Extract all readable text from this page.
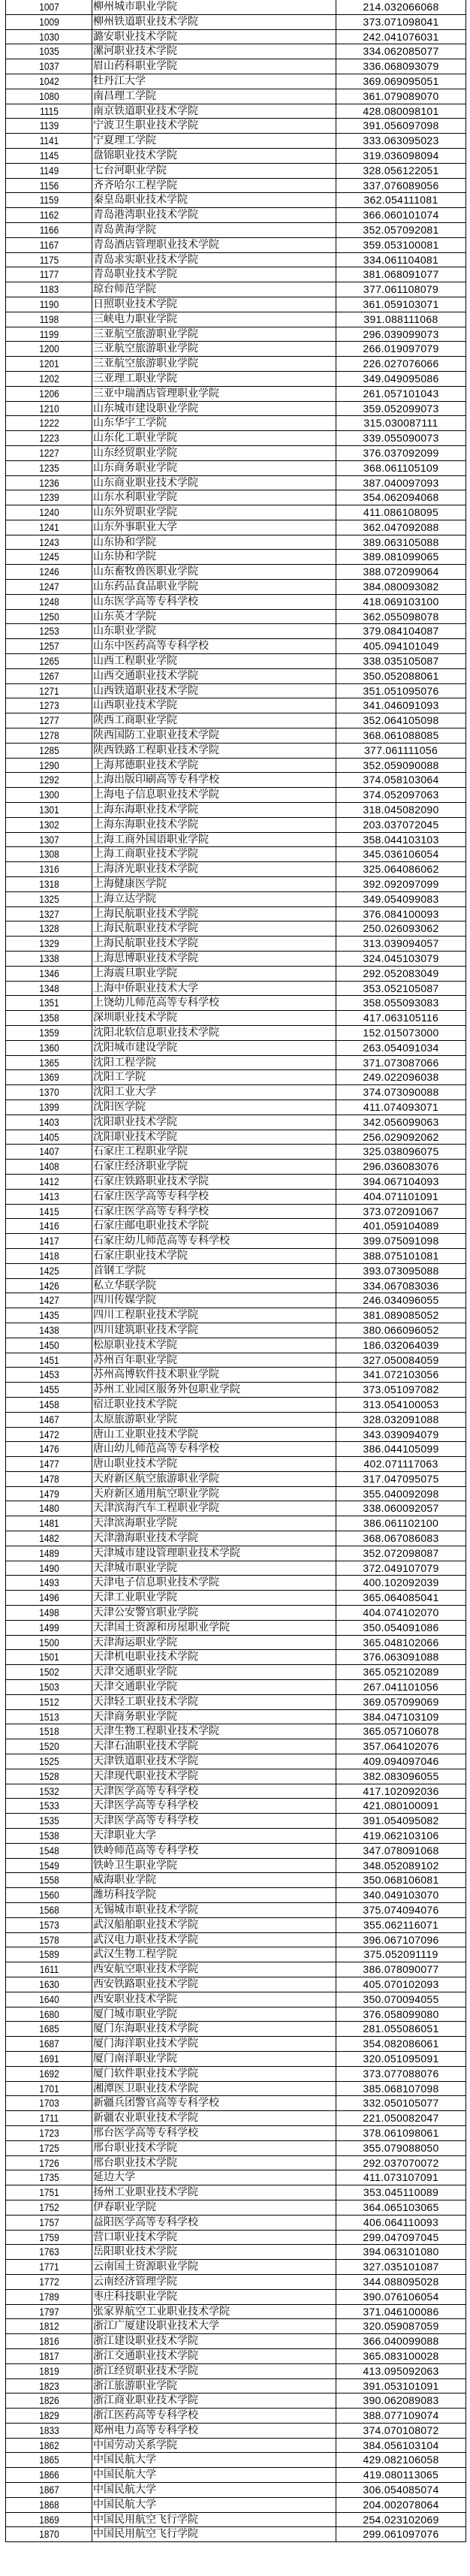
1007	柳州城市职业学院	214.032066068
1009	柳州铁道职业技术学院	373.071098041
1030	潞安职业技术学院	242.041076031
1035	漯河职业技术学院	334.062085077
1037	眉山药科职业学院	336.068093079
1042	牡丹江大学	369.069095051
1080	南昌理工学院	361.079089070
1115	南京铁道职业技术学院	428.080098101
1139	宁波卫生职业技术学院	391.056097098
1141	宁夏理工学院	333.063095023
1145	盘锦职业技术学院	319.036098094
1149	七台河职业学院	328.056122051
1156	齐齐哈尔工程学院	337.076089056
1159	秦皇岛职业技术学院	362.054111081
1162	青岛港湾职业技术学院	366.060101074
1166	青岛黄海学院	352.057092081
1167	青岛酒店管理职业技术学院	359.053100081
1175	青岛求实职业技术学院	334.061104081
1177	青岛职业技术学院	381.068091077
1183	琼台师范学院	377.061108079
1190	日照职业技术学院	361.059103071
1198	三峡电力职业学院	391.088111068
1199	三亚航空旅游职业学院	296.039099073
1200	三亚航空旅游职业学院	266.019097079
1201	三亚航空旅游职业学院	226.027076066
1202	三亚理工职业学院	349.049095086
1206	三亚中瑞酒店管理职业学院	261.057101043
1210	山东城市建设职业学院	359.052099073
1222	山东华宇工学院	315.030087111
1223	山东化工职业学院	339.055090073
1227	山东经贸职业学院	376.037092099
1235	山东商务职业学院	368.061105109
1236	山东商业职业技术学院	387.040097093
1239	山东水利职业学院	354.062094068
1240	山东外贸职业学院	411.086108095
1241	山东外事职业大学	362.047092088
1243	山东协和学院	389.063105088
1245	山东协和学院	389.081099065
1246	山东畜牧兽医职业学院	388.072099064
1247	山东药品食品职业学院	384.080093082
1248	山东医学高等专科学校	418.069103100
1250	山东英才学院	362.055098078
1253	山东职业学院	379.084104087
1257	山东中医药高等专科学校	405.094101049
1265	山西工程职业学院	338.035105087
1267	山西交通职业技术学院	350.052088061
1271	山西铁道职业技术学院	351.051095076
1273	山西职业技术学院	341.046091093
1277	陕西工商职业学院	352.064105098
1278	陕西国防工业职业技术学院	368.061088085
1285	陕西铁路工程职业技术学院	377.061111056
1290	上海邦德职业技术学院	352.059090088
1292	上海出版印刷高等专科学校	374.058103064
1300	上海电子信息职业技术学院	374.052097063
1301	上海东海职业技术学院	318.045082090
1302	上海东海职业技术学院	203.037072045
1307	上海工商外国语职业学院	358.044103103
1308	上海工商职业技术学院	345.036106054
1316	上海济光职业技术学院	325.064086062
1318	上海健康医学院	392.092097099
1325	上海立达学院	349.054099083
1327	上海民航职业技术学院	376.084100093
1328	上海民航职业技术学院	250.026093062
1329	上海民航职业技术学院	313.039094057
1338	上海思博职业技术学院	324.045103079
1346	上海震旦职业学院	292.052083049
1348	上海中侨职业技术大学	353.052105087
1351	上饶幼儿师范高等专科学校	358.055093083
1358	深圳职业技术学院	417.063105116
1359	沈阳北软信息职业技术学院	152.015073000
1360	沈阳城市建设学院	263.054091034
1365	沈阳工程学院	371.073087066
1369	沈阳工学院	249.022096038
1370	沈阳工业大学	374.073090088
1399	沈阳医学院	411.074093071
1403	沈阳职业技术学院	342.056099063
1405	沈阳职业技术学院	256.029092062
1407	石家庄工程职业学院	325.038096075
1408	石家庄经济职业学院	296.036083076
1412	石家庄铁路职业技术学院	394.067104093
1413	石家庄医学高等专科学校	404.071101091
1415	石家庄医学高等专科学校	373.072091067
1416	石家庄邮电职业技术学院	401.059104089
1417	石家庄幼儿师范高等专科学校	399.075091098
1418	石家庄职业技术学院	388.075101081
1425	首钢工学院	393.073095088
1426	私立华联学院	334.067083036
1427	四川传媒学院	246.034096055
1435	四川工程职业技术学院	381.089085052
1438	四川建筑职业技术学院	380.066096052
1450	松原职业技术学院	186.032064039
1451	苏州百年职业学院	327.050084059
1453	苏州高博软件技术职业学院	341.072103056
1455	苏州工业园区服务外包职业学院	373.051097082
1458	宿迁职业技术学院	313.054100053
1467	太原旅游职业学院	328.032091088
1472	唐山工业职业技术学院	343.039094079
1476	唐山幼儿师范高等专科学校	386.044105099
1477	唐山职业技术学院	402.071117063
1478	天府新区航空旅游职业学院	317.047095075
1479	天府新区通用航空职业学院	355.040092098
1480	天津滨海汽车工程职业学院	338.060092057
1481	天津滨海职业学院	386.061102100
1482	天津渤海职业技术学院	368.067086083
1489	天津城市建设管理职业技术学院	352.072098087
1490	天津城市职业学院	372.049107079
1493	天津电子信息职业技术学院	400.102092039
1496	天津工业职业学院	365.064085041
1498	天津公安警官职业学院	404.074102070
1499	天津国土资源和房屋职业学院	350.054091086
1500	天津海运职业学院	365.048102066
1501	天津机电职业技术学院	376.063091088
1502	天津交通职业学院	365.052102089
1503	天津交通职业学院	267.041101056
1512	天津轻工职业技术学院	369.057099069
1513	天津商务职业学院	384.047103109
1518	天津生物工程职业技术学院	365.057106078
1520	天津石油职业技术学院	357.064102076
1525	天津铁道职业技术学院	409.094097046
1528	天津现代职业技术学院	382.083096055
1532	天津医学高等专科学校	417.102092036
1533	天津医学高等专科学校	421.080100091
1535	天津医学高等专科学校	391.054095082
1538	天津职业大学	419.062103106
1548	铁岭师范高等专科学校	347.078091068
1549	铁岭卫生职业学院	348.052089102
1558	威海职业学院	350.068106081
1560	潍坊科技学院	340.049103070
1568	无锡城市职业技术学院	375.074094076
1573	武汉船舶职业技术学院	355.062116071
1578	武汉电力职业技术学院	396.067107096
1589	武汉生物工程学院	375.052091119
1611	西安航空职业技术学院	386.078090077
1630	西安铁路职业技术学院	405.070102093
1640	西安职业技术学院	350.070094055
1680	厦门城市职业学院	376.058099080
1685	厦门东海职业技术学院	281.055086051
1687	厦门海洋职业技术学院	354.082086061
1691	厦门南洋职业学院	320.051095091
1692	厦门软件职业技术学院	373.077088076
1701	湘潭医卫职业技术学院	385.068107098
1703	新疆兵团警官高等专科学校	332.050105077
1711	新疆农业职业技术学院	221.050082047
1723	邢台医学高等专科学校	378.061098061
1725	邢台职业技术学院	355.079088050
1726	邢台职业技术学院	292.037070072
1735	延边大学	411.073107091
1751	扬州工业职业技术学院	353.045110089
1752	伊春职业学院	364.065103065
1757	益阳医学高等专科学校	406.064110093
1759	营口职业技术学院	299.047097045
1763	岳阳职业技术学院	394.063101080
1771	云南国土资源职业学院	327.035101087
1772	云南经济管理学院	344.088095028
1789	枣庄科技职业学院	390.076106054
1797	张家界航空工业职业技术学院	371.046100086
1812	浙江广厦建设职业技术大学	320.059087059
1816	浙江建设职业技术学院	366.040099088
1817	浙江交通职业技术学院	365.083100028
1819	浙江经贸职业技术学院	413.095092063
1823	浙江旅游职业学院	391.053101091
1826	浙江商业职业技术学院	390.062089083
1829	浙江医药高等专科学校	388.077109074
1833	郑州电力高等专科学校	374.070108072
1862	中国劳动关系学院	384.056103104
1865	中国民航大学	429.082106058
1866	中国民航大学	419.080113065
1867	中国民航大学	306.054085074
1868	中国民航大学	204.002078064
1869	中国民用航空飞行学院	254.023102069
1870	中国民用航空飞行学院	299.061097076
